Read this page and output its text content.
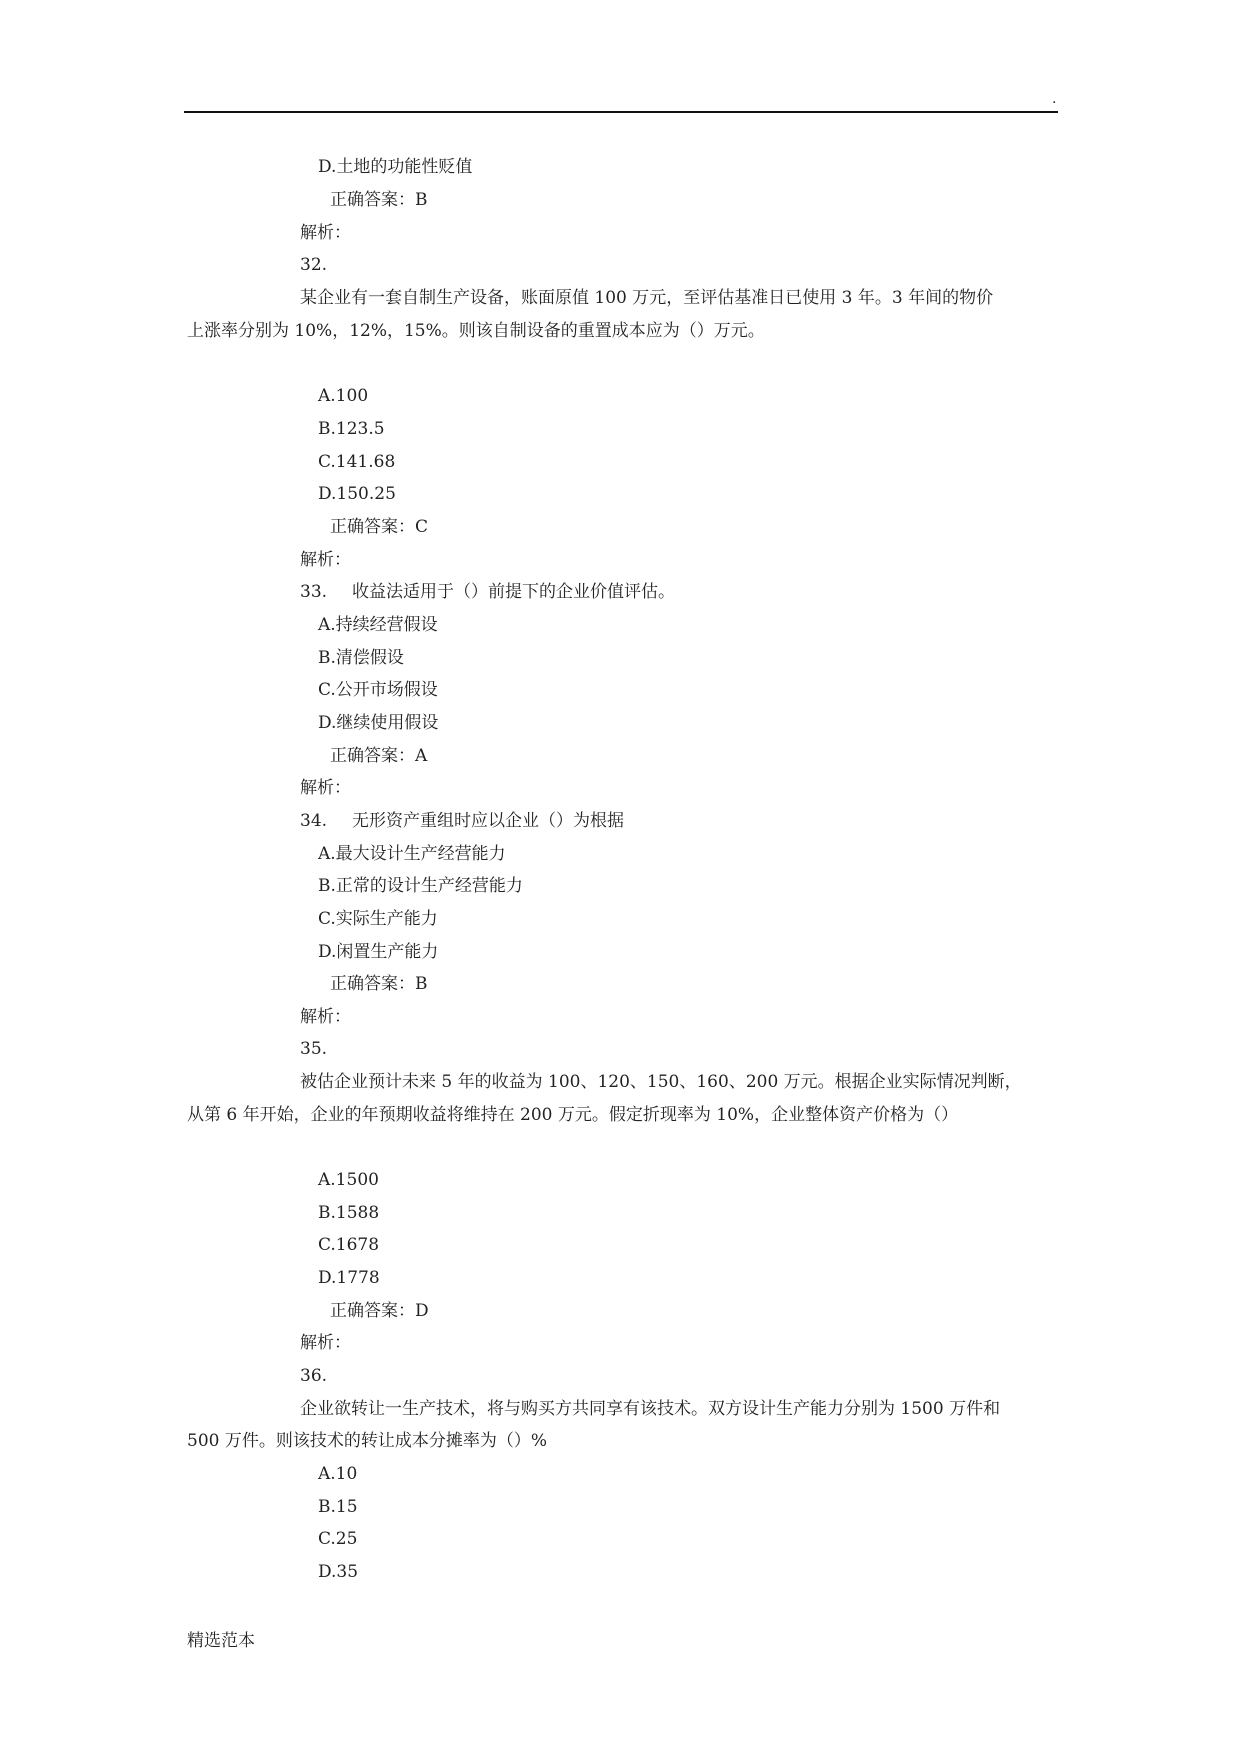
.
D.土地的功能性贬值
正确答案：B
解析：
32.
某企业有一套自制生产设备，账面原值 100 万元，至评估基准日已使用 3 年。3 年间的物价
上涨率分别为 10%，12%，15%。则该自制设备的重置成本应为（）万元。
A.100
B.123.5
C.141.68
D.150.25
正确答案：C
解析：
33. 收益法适用于（）前提下的企业价值评估。
A.持续经营假设
B.清偿假设
C.公开市场假设
D.继续使用假设
正确答案：A
解析：
34. 无形资产重组时应以企业（）为根据
A.最大设计生产经营能力
B.正常的设计生产经营能力
C.实际生产能力
D.闲置生产能力
正确答案：B
解析：
35.
被估企业预计未来 5 年的收益为 100、120、150、160、200 万元。根据企业实际情况判断，
从第 6 年开始，企业的年预期收益将维持在 200 万元。假定折现率为 10%，企业整体资产价格为（）
A.1500
B.1588
C.1678
D.1778
正确答案：D
解析：
36.
企业欲转让一生产技术，将与购买方共同享有该技术。双方设计生产能力分别为 1500 万件和
500 万件。则该技术的转让成本分摊率为（）%
A.10
B.15
C.25
D.35
精选范本
